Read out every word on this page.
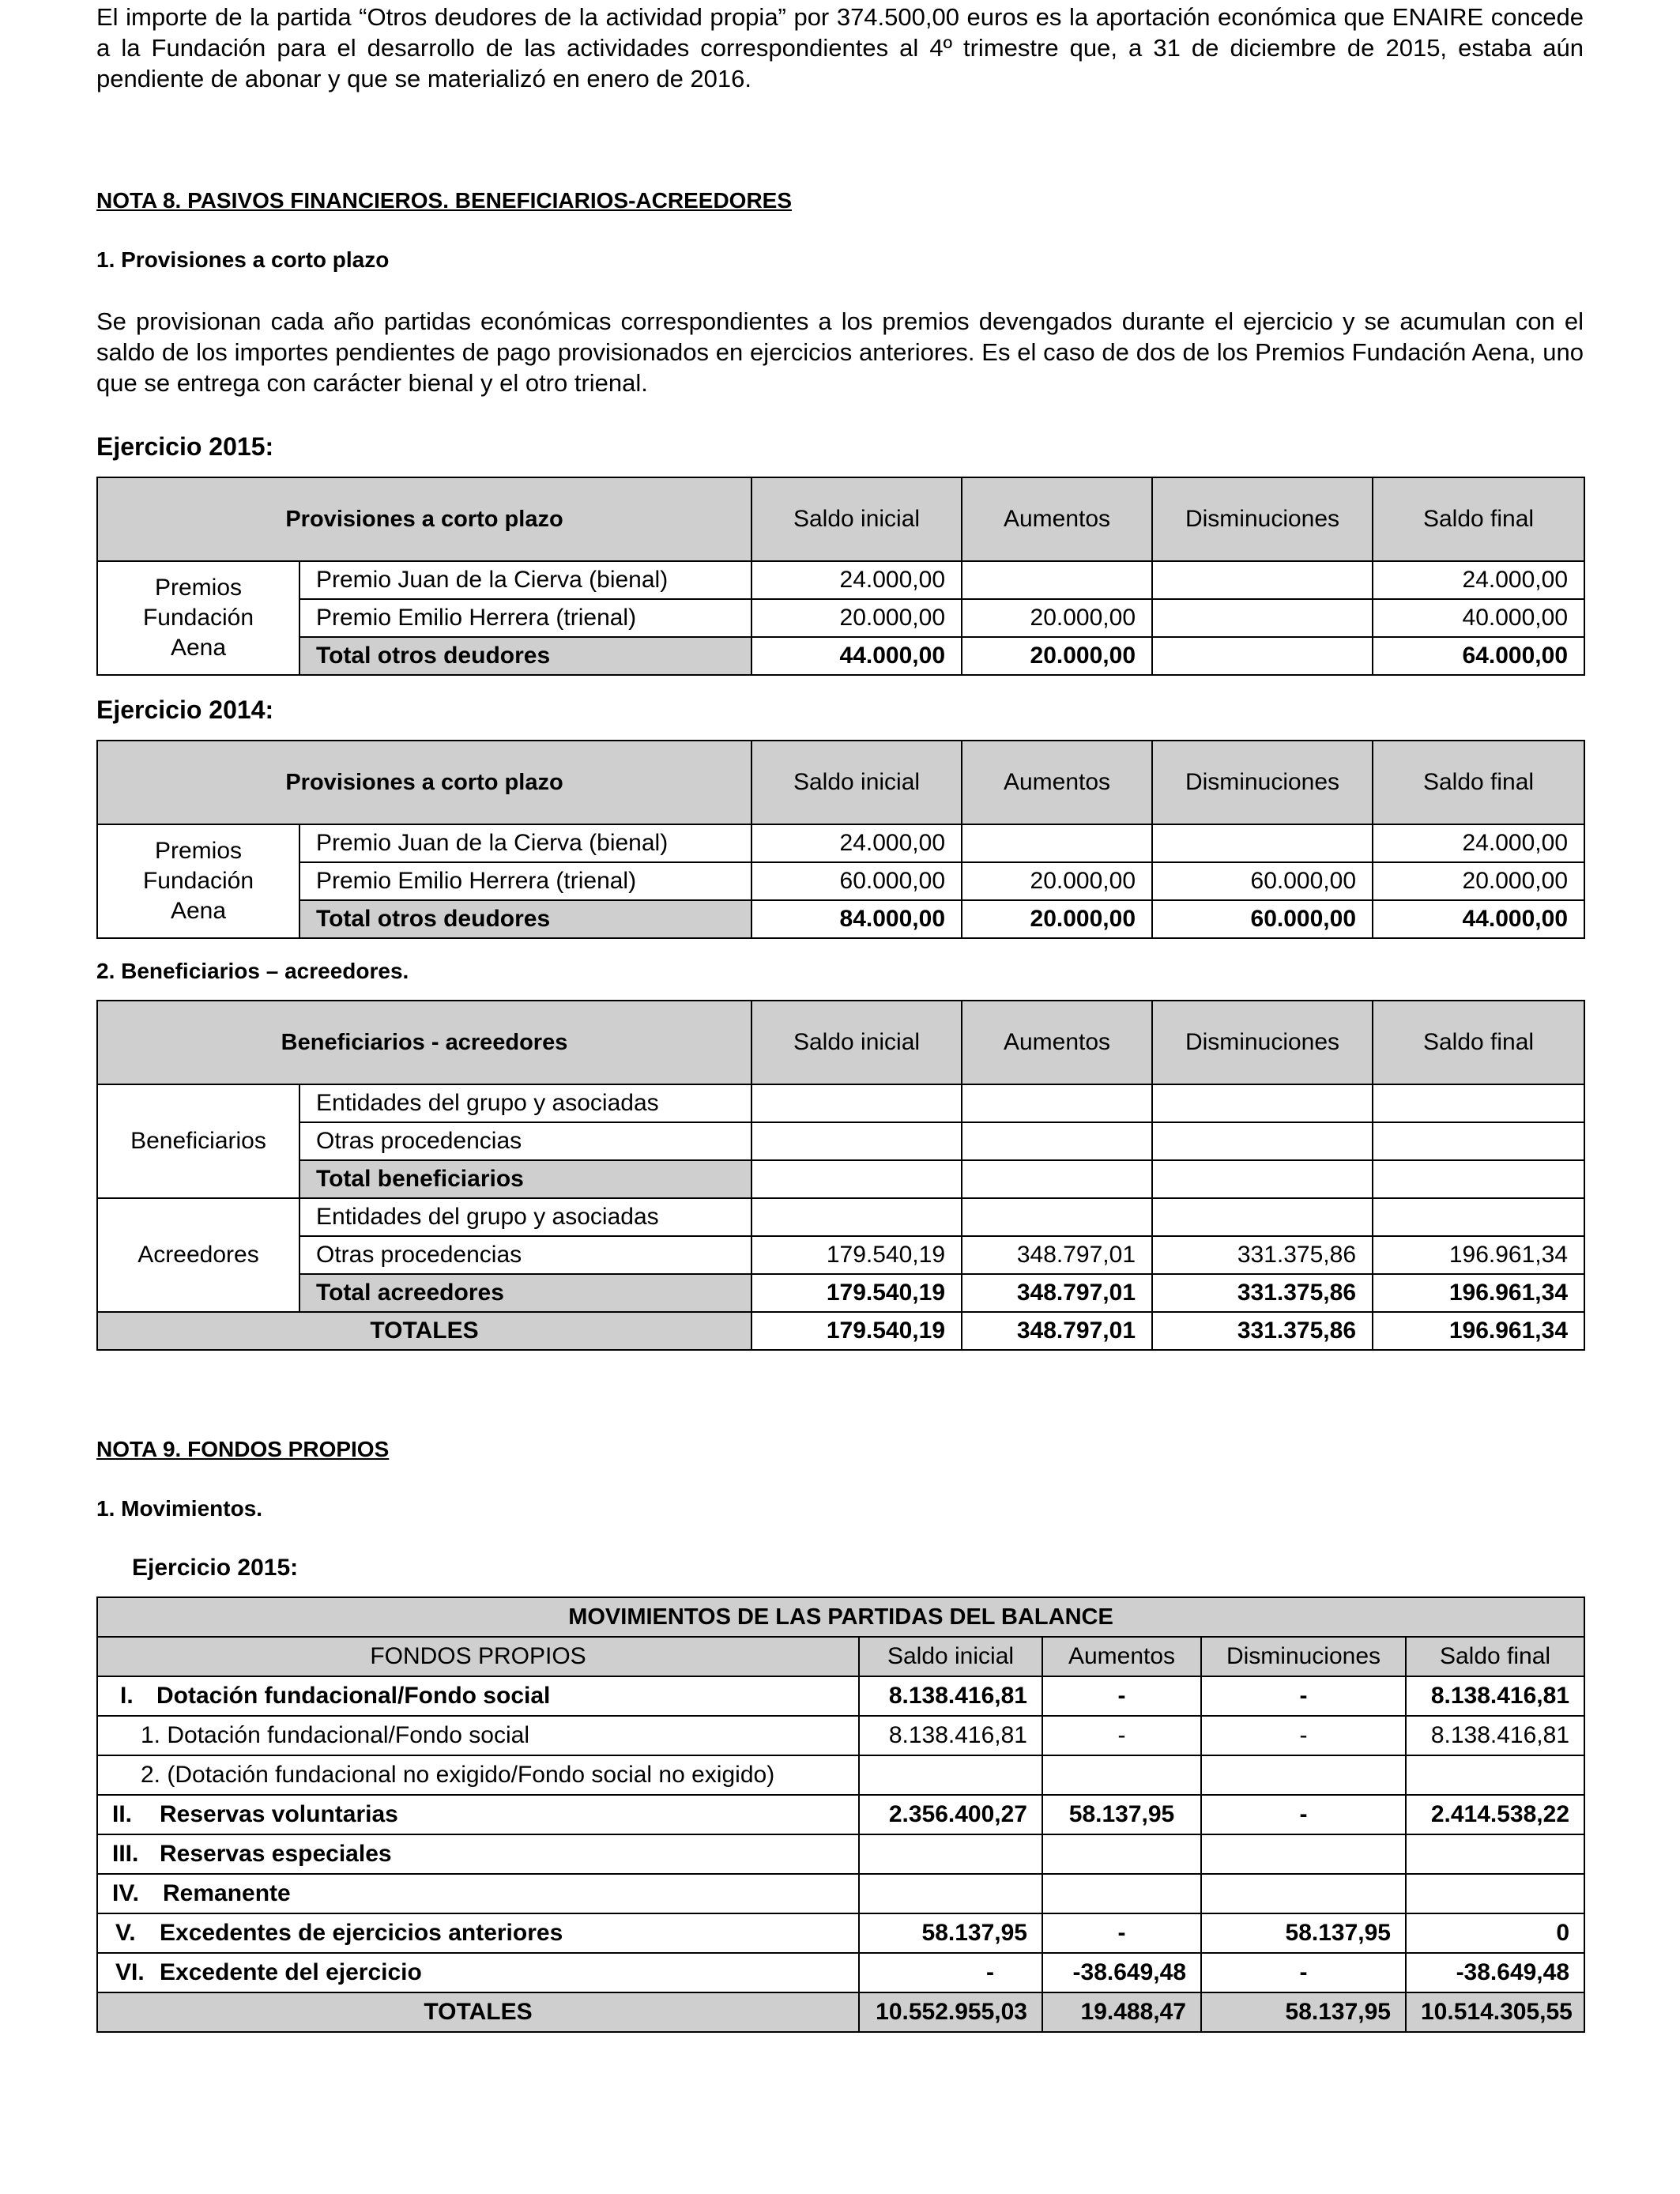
El importe de la partida “Otros deudores de la actividad propia” por 374.500,00 euros es la aportación económica que ENAIRE concede a la Fundación para el desarrollo de las actividades correspondientes al 4º trimestre que, a 31 de diciembre de 2015, estaba aún pendiente de abonar y que se materializó en enero de 2016.

NOTA 8. PASIVOS FINANCIEROS. BENEFICIARIOS-ACREEDORES

1. Provisiones a corto plazo

Se provisionan cada año partidas económicas correspondientes a los premios devengados durante el ejercicio y se acumulan con el saldo de los importes pendientes de pago provisionados en ejercicios anteriores. Es el caso de dos de los Premios Fundación Aena, uno que se entrega con carácter bienal y el otro trienal.

Ejercicio 2015:

Provisiones a corto plazo		Saldo inicial	Aumentos	Disminuciones	Saldo final
Premios Fundación Aena	Premio Juan de la Cierva (bienal)	24.000,00			24.000,00
	Premio Emilio Herrera (trienal)	20.000,00	20.000,00		40.000,00
	Total otros deudores	44.000,00	20.000,00		64.000,00

Ejercicio 2014:

Provisiones a corto plazo		Saldo inicial	Aumentos	Disminuciones	Saldo final
Premios Fundación Aena	Premio Juan de la Cierva (bienal)	24.000,00			24.000,00
	Premio Emilio Herrera (trienal)	60.000,00	20.000,00	60.000,00	20.000,00
	Total otros deudores	84.000,00	20.000,00	60.000,00	44.000,00

2. Beneficiarios – acreedores.

Beneficiarios - acreedores		Saldo inicial	Aumentos	Disminuciones	Saldo final
Beneficiarios	Entidades del grupo y asociadas				
	Otras procedencias				
	Total beneficiarios				
Acreedores	Entidades del grupo y asociadas				
	Otras procedencias	179.540,19	348.797,01	331.375,86	196.961,34
	Total acreedores	179.540,19	348.797,01	331.375,86	196.961,34
TOTALES		179.540,19	348.797,01	331.375,86	196.961,34

NOTA 9. FONDOS PROPIOS

1. Movimientos.

Ejercicio 2015:

MOVIMIENTOS DE LAS PARTIDAS DEL BALANCE				
FONDOS PROPIOS	Saldo inicial	Aumentos	Disminuciones	Saldo final
I. Dotación fundacional/Fondo social	8.138.416,81	-	-	8.138.416,81
1. Dotación fundacional/Fondo social	8.138.416,81	-	-	8.138.416,81
2. (Dotación fundacional no exigido/Fondo social no exigido)				
II. Reservas voluntarias	2.356.400,27	58.137,95	-	2.414.538,22
III. Reservas especiales				
IV. Remanente				
V. Excedentes de ejercicios anteriores	58.137,95	-	58.137,95	0
VI. Excedente del ejercicio	-	-38.649,48	-	-38.649,48
TOTALES	10.552.955,03	19.488,47	58.137,95	10.514.305,55
